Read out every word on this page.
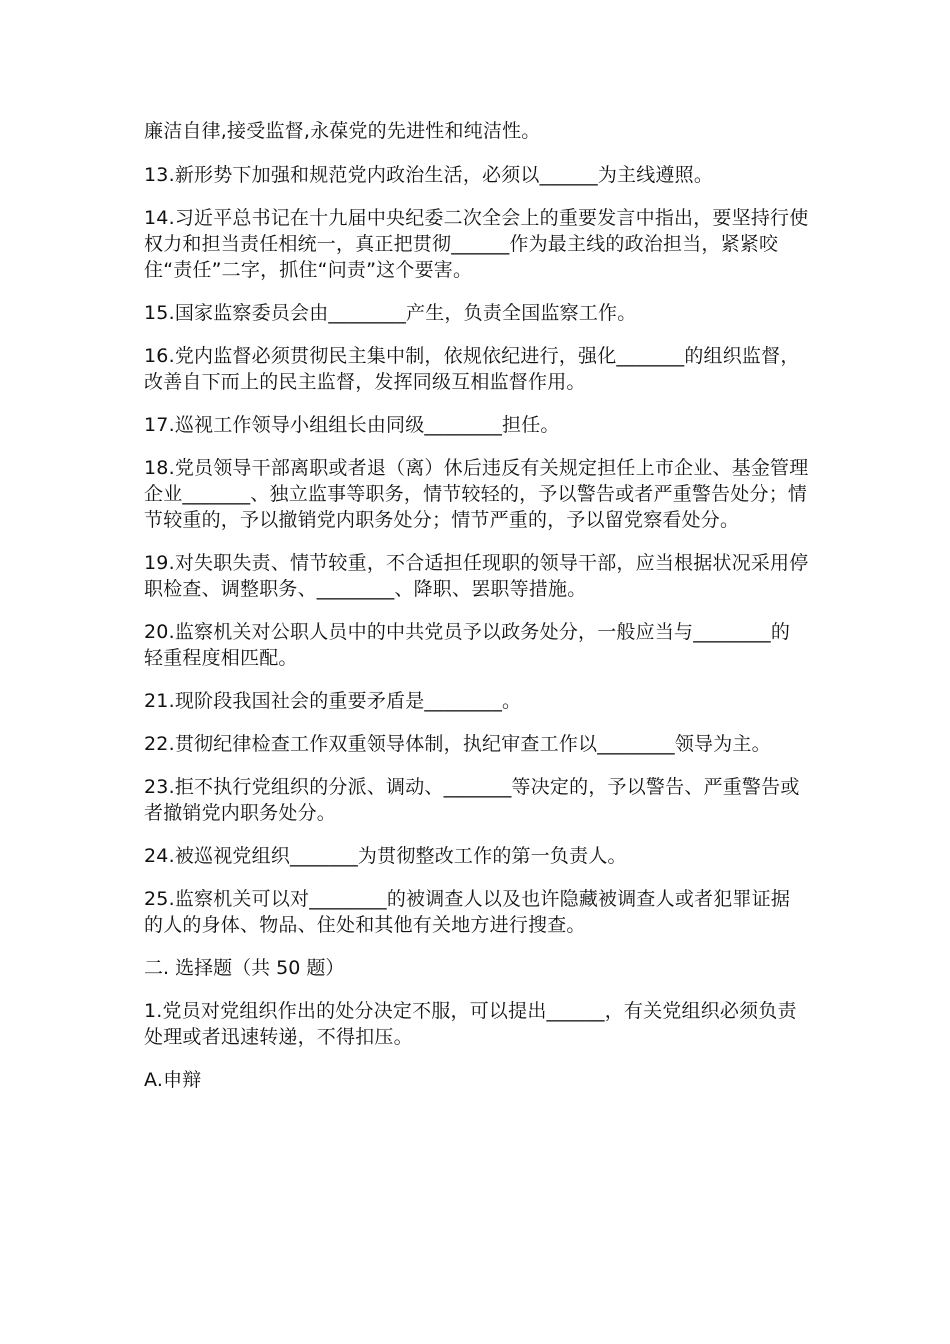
廉洁自律,接受监督,永葆党的先进性和纯洁性。

13.新形势下加强和规范党内政治生活，必须以______为主线遵照。

14.习近平总书记在十九届中央纪委二次全会上的重要发言中指出，要坚持行使权力和担当责任相统一，真正把贯彻______作为最主线的政治担当，紧紧咬住“责任”二字，抓住“问责”这个要害。

15.国家监察委员会由________产生，负责全国监察工作。

16.党内监督必须贯彻民主集中制，依规依纪进行，强化_______的组织监督，改善自下而上的民主监督，发挥同级互相监督作用。

17.巡视工作领导小组组长由同级________担任。

18.党员领导干部离职或者退（离）休后违反有关规定担任上市企业、基金管理企业_______、独立监事等职务，情节较轻的，予以警告或者严重警告处分；情节较重的，予以撤销党内职务处分；情节严重的，予以留党察看处分。

19.对失职失责、情节较重，不合适担任现职的领导干部，应当根据状况采用停职检查、调整职务、________、降职、罢职等措施。

20.监察机关对公职人员中的中共党员予以政务处分，一般应当与________的轻重程度相匹配。

21.现阶段我国社会的重要矛盾是________。

22.贯彻纪律检查工作双重领导体制，执纪审查工作以________领导为主。

23.拒不执行党组织的分派、调动、_______等决定的，予以警告、严重警告或者撤销党内职务处分。

24.被巡视党组织_______为贯彻整改工作的第一负责人。

25.监察机关可以对________的被调查人以及也许隐藏被调查人或者犯罪证据的人的身体、物品、住处和其他有关地方进行搜查。

二. 选择题（共 50 题）

1.党员对党组织作出的处分决定不服，可以提出______，有关党组织必须负责处理或者迅速转递，不得扣压。

A.申辩
